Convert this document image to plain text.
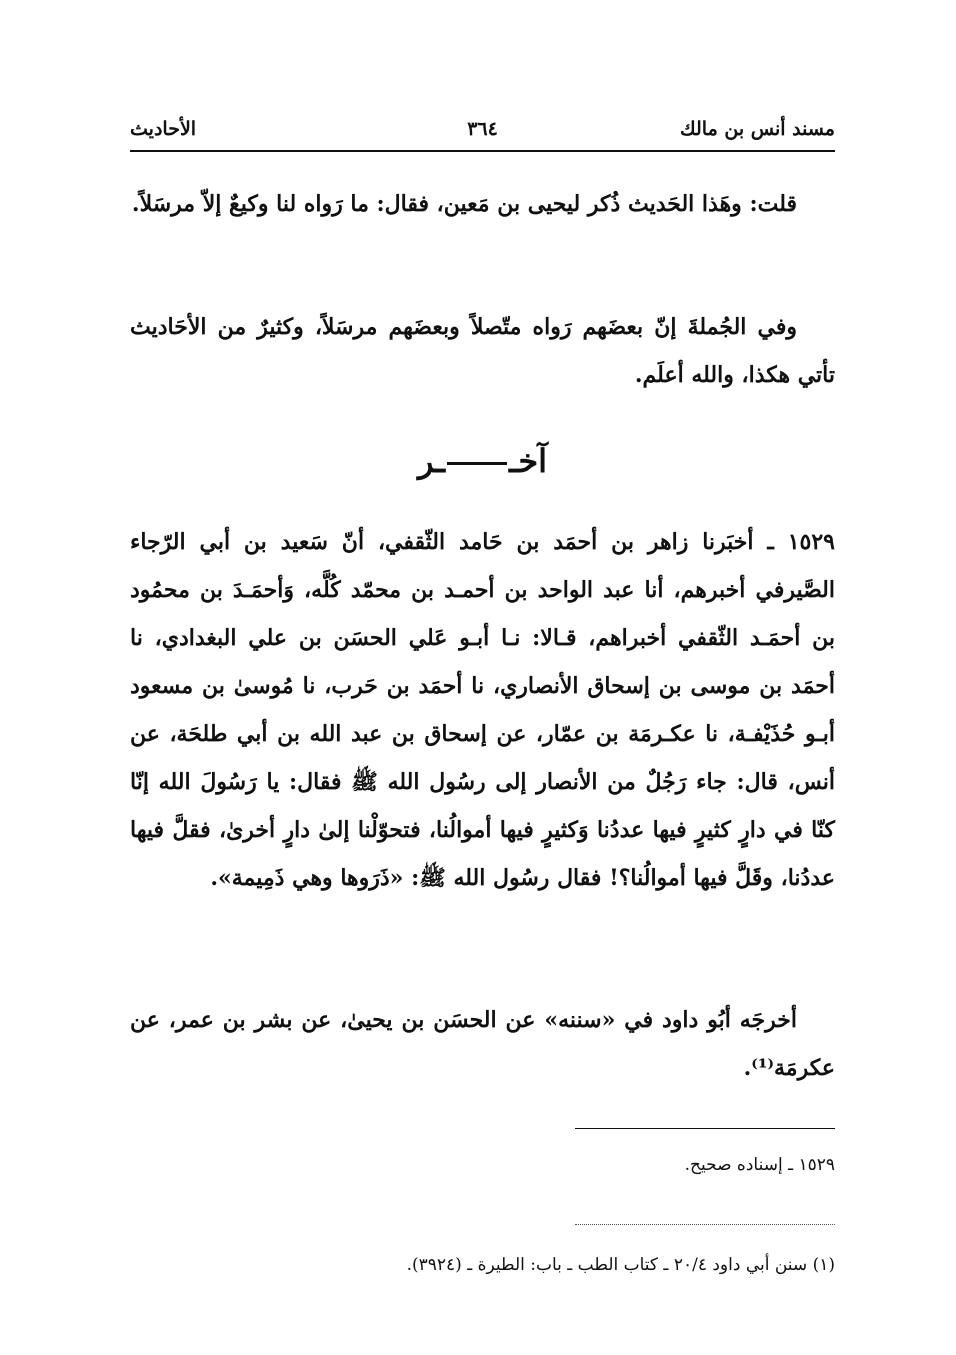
مسند أنس بن مالك
٣٦٤
الأحاديث

قلت: وهَذا الحَديث ذُكر ليحيى بن مَعين، فقال: ما رَواه لنا وكيعٌ إلاّ مرسَلاً.

وفي الجُملةَ إنّ بعضَهم رَواه متّصلاً وبعضَهم مرسَلاً، وكثيرٌ من الأحَاديث تأتي هكذا، والله أعلَم.

آخــر

١٥٢٩ ـ أخبَرنا زاهر بن أحمَد بن حَامد الثّقفي، أنّ سَعيد بن أبي الرّجاء الصَّيرفي أخبرهم، أنا عبد الواحد بن أحمـد بن محمّد كُلَّه، وَأحمَـدَ بن محمُود بن أحمَـد الثّقفي أخبراهم، قـالا: نـا أبـو عَلي الحسَن بن علي البغدادي، نا أحمَد بن موسى بن إسحاق الأنصاري، نا أحمَد بن حَرب، نا مُوسىٰ بن مسعود أبـو حُذَيْفـة، نا عكـرمَة بن عمّار، عن إسحاق بن عبد الله بن أبي طلحَة، عن أنس، قال: جاء رَجُلٌ من الأنصار إلى رسُول الله ﷺ فقال: يا رَسُولَ الله إنّا كنّا في دارٍ كثيرٍ فيها عددُنا وَكثيرٍ فيها أموالُنا، فتحوّلْنا إلىٰ دارٍ أخرىٰ، فقلَّ فيها عددُنا، وقَلَّ فيها أموالُنا؟! فقال رسُول الله ﷺ: «ذَرَوها وهي ذَمِيمة».

أخرجَه أبُو داود في «سننه» عن الحسَن بن يحيىٰ، عن بشر بن عمر، عن عكرمَة⁽¹⁾.

١٥٢٩ ـ إسناده صحيح.
(١) سنن أبي داود ٢٠/٤ ـ كتاب الطب ـ باب: الطيرة ـ (٣٩٢٤).
